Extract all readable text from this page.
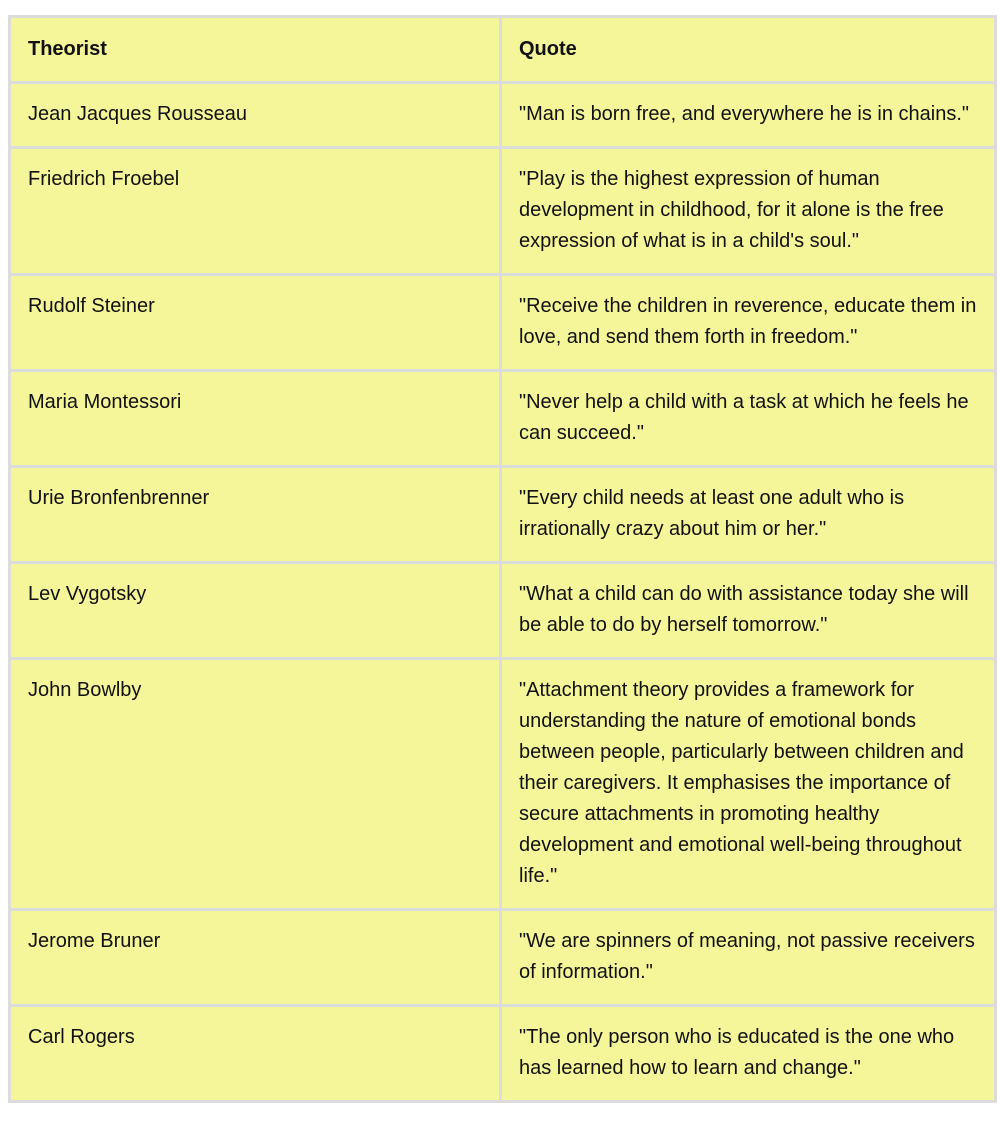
Theorist	Quote
Jean Jacques Rousseau	"Man is born free, and everywhere he is in chains."
Friedrich Froebel	"Play is the highest expression of human development in childhood, for it alone is the free expression of what is in a child's soul."
Rudolf Steiner	"Receive the children in reverence, educate them in love, and send them forth in freedom."
Maria Montessori	"Never help a child with a task at which he feels he can succeed."
Urie Bronfenbrenner	"Every child needs at least one adult who is irrationally crazy about him or her."
Lev Vygotsky	"What a child can do with assistance today she will be able to do by herself tomorrow."
John Bowlby	"Attachment theory provides a framework for understanding the nature of emotional bonds between people, particularly between children and their caregivers. It emphasises the importance of secure attachments in promoting healthy development and emotional well-being throughout life."
Jerome Bruner	"We are spinners of meaning, not passive receivers of information."
Carl Rogers	"The only person who is educated is the one who has learned how to learn and change."
